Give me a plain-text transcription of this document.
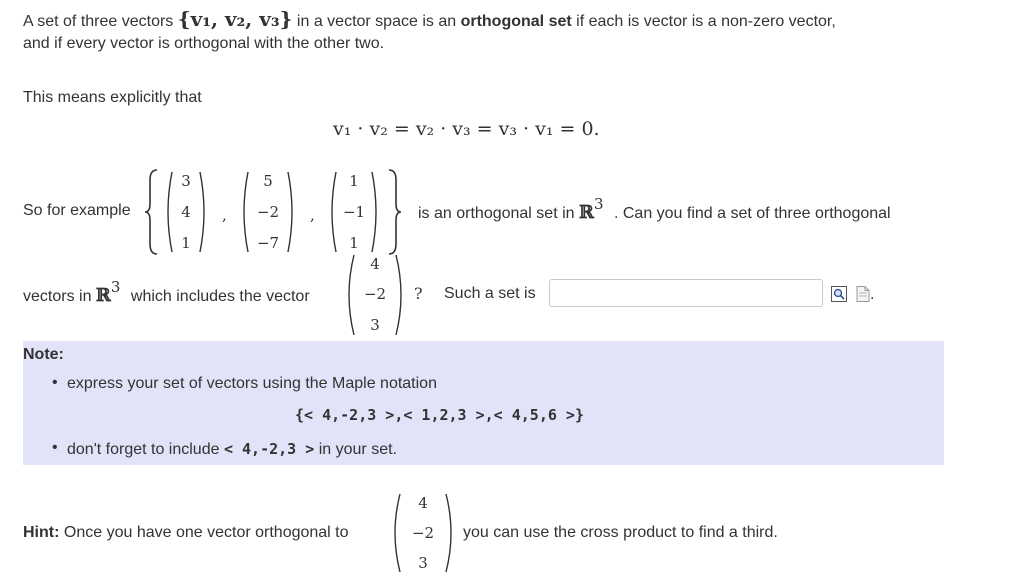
A set of three vectors {v₁, v₂, v₃} in a vector space is an orthogonal set if each is vector is a non-zero vector,
and if every vector is orthogonal with the other two.
This means explicitly that
v₁ · v₂ = v₂ · v₃ = v₃ · v₁ = 0.
So for example
3
4
1
,
5
−2
−7
,
1
−1
1
is an orthogonal set in ℝ3 . Can you find a set of three orthogonal
vectors in ℝ3 which includes the vector
4
−2
3
? Such a set is	.
Note:
• express your set of vectors using the Maple notation
{< 4,-2,3 >,< 1,2,3 >,< 4,5,6 >}
• don't forget to include < 4,-2,3 > in your set.
Hint: Once you have one vector orthogonal to
4
−2
3
you can use the cross product to find a third.
